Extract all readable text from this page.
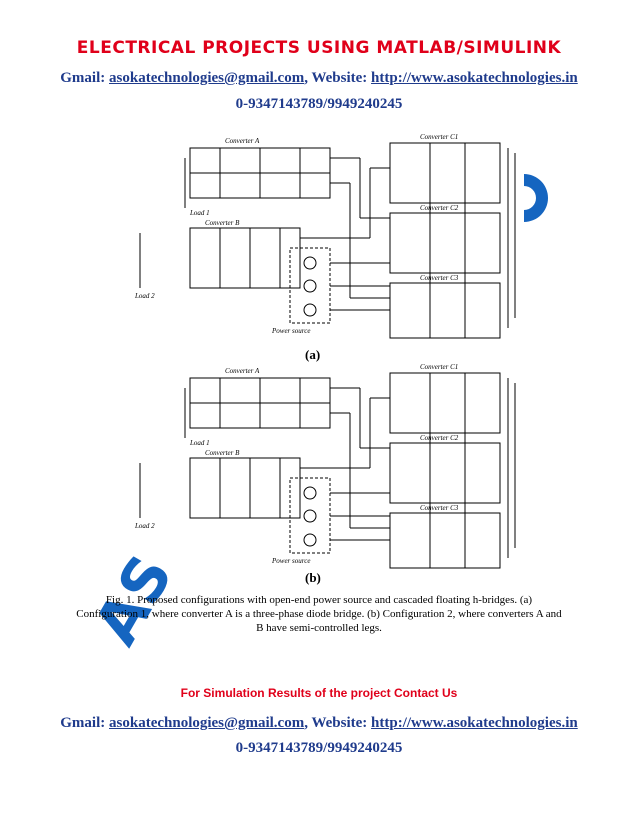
ELECTRICAL PROJECTS USING MATLAB/SIMULINK
Gmail: asokatechnologies@gmail.com, Website: http://www.asokatechnologies.in
0-9347143789/9949240245
Converter A
Converter B
Converter C1
Converter C2
Converter C3
Load 1
Load 2
Power source
(a)
Converter A
Converter B
Converter C1
Converter C2
Converter C3
Load 1
Load 2
Power source
(b)
AS
Fig. 1. Proposed configurations with open-end power source and cascaded floating h-bridges. (a) Configuration 1, where converter A is a three-phase diode bridge. (b) Configuration 2, where converters A and B have semi-controlled legs.
For Simulation Results of the project Contact Us
Gmail: asokatechnologies@gmail.com, Website: http://www.asokatechnologies.in
0-9347143789/9949240245
